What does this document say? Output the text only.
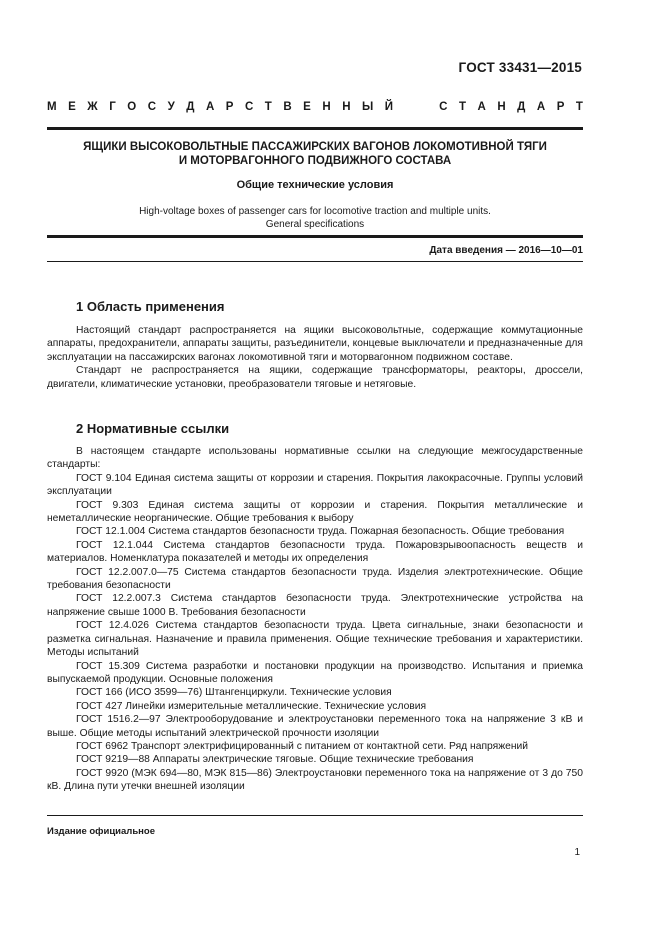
ГОСТ 33431—2015
М Е Ж Г О С У Д А Р С Т В Е Н Н Ы Й	С Т А Н Д А Р Т
ЯЩИКИ ВЫСОКОВОЛЬТНЫЕ ПАССАЖИРСКИХ ВАГОНОВ ЛОКОМОТИВНОЙ ТЯГИ
И МОТОРВАГОННОГО ПОДВИЖНОГО СОСТАВА
Общие технические условия
High-voltage boxes of passenger cars for locomotive traction and multiple units.
General specifications
Дата введения — 2016—10—01
1 Область применения

Настоящий стандарт распространяется на ящики высоковольтные, содержащие коммутационные аппараты, предохранители, аппараты защиты, разъединители, концевые выключатели и предназначенные для эксплуатации на пассажирских вагонах локомотивной тяги и моторвагонном подвижном составе.

Стандарт не распространяется на ящики, содержащие трансформаторы, реакторы, дроссели, двигатели, климатические установки, преобразователи тяговые и нетяговые.

2 Нормативные ссылки

В настоящем стандарте использованы нормативные ссылки на следующие межгосударственные стандарты:

ГОСТ 9.104 Единая система защиты от коррозии и старения. Покрытия лакокрасочные. Группы условий эксплуатации

ГОСТ 9.303 Единая система защиты от коррозии и старения. Покрытия металлические и неметаллические неорганические. Общие требования к выбору

ГОСТ 12.1.004 Система стандартов безопасности труда. Пожарная безопасность. Общие требования

ГОСТ 12.1.044 Система стандартов безопасности труда. Пожаровзрывоопасность веществ и материалов. Номенклатура показателей и методы их определения

ГОСТ 12.2.007.0—75 Система стандартов безопасности труда. Изделия электротехнические. Общие требования безопасности

ГОСТ 12.2.007.3 Система стандартов безопасности труда. Электротехнические устройства на напряжение свыше 1000 В. Требования безопасности

ГОСТ 12.4.026 Система стандартов безопасности труда. Цвета сигнальные, знаки безопасности и разметка сигнальная. Назначение и правила применения. Общие технические требования и характеристики. Методы испытаний

ГОСТ 15.309 Система разработки и постановки продукции на производство. Испытания и приемка выпускаемой продукции. Основные положения

ГОСТ 166 (ИСО 3599—76) Штангенциркули. Технические условия

ГОСТ 427 Линейки измерительные металлические. Технические условия

ГОСТ 1516.2—97 Электрооборудование и электроустановки переменного тока на напряжение 3 кВ и выше. Общие методы испытаний электрической прочности изоляции

ГОСТ 6962 Транспорт электрифицированный с питанием от контактной сети. Ряд напряжений

ГОСТ 9219—88 Аппараты электрические тяговые. Общие технические требования

ГОСТ 9920 (МЭК 694—80, МЭК 815—86) Электроустановки переменного тока на напряжение от 3 до 750 кВ. Длина пути утечки внешней изоляции

Издание официальное
1
